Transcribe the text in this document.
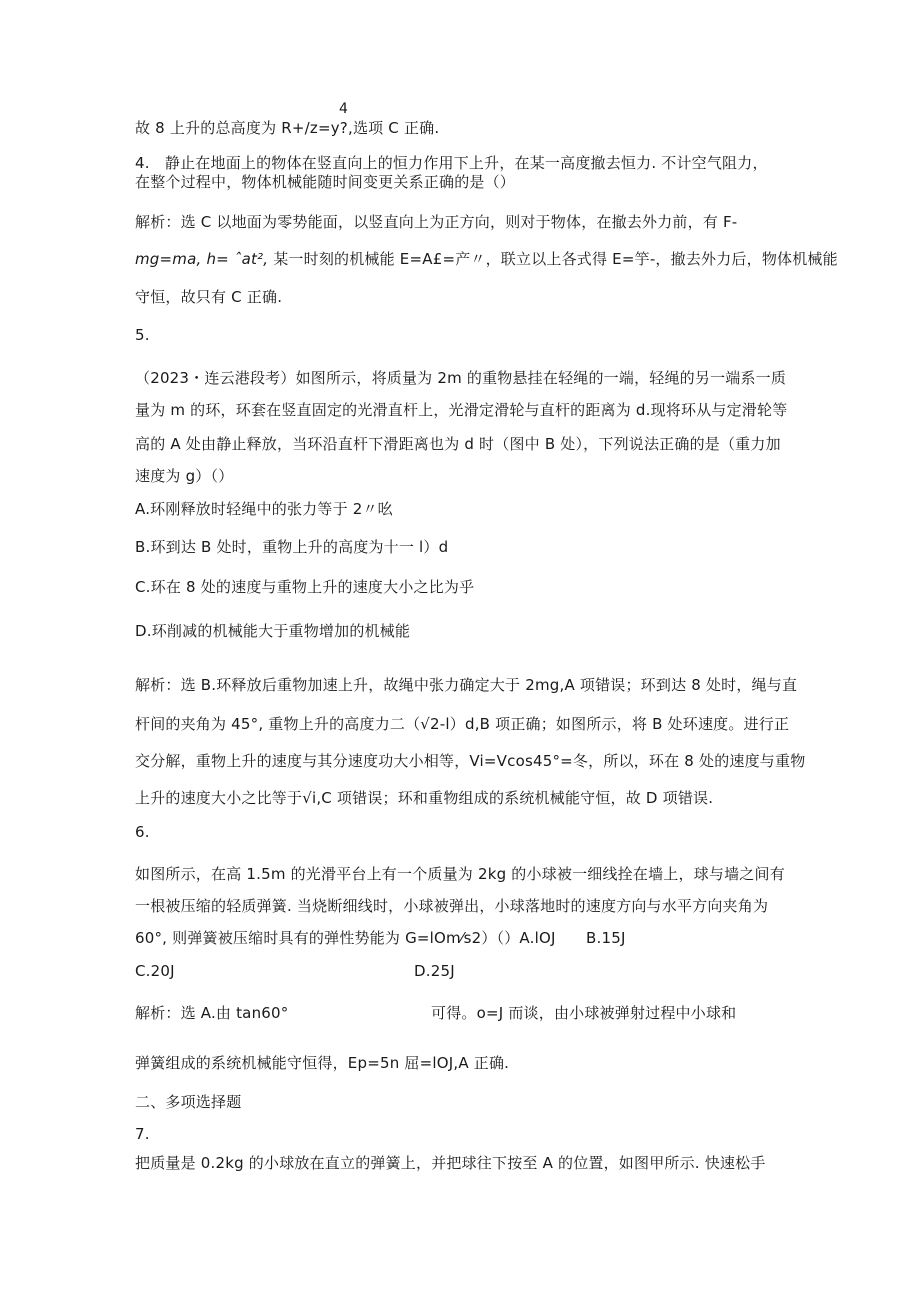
4
故 8 上升的总高度为 R+/z=y?,选项 C 正确.
4.　静止在地面上的物体在竖直向上的恒力作用下上升，在某一高度撤去恒力. 不计空气阻力，
在整个过程中，物体机械能随时间变更关系正确的是（）
解析：选 C 以地面为零势能面，以竖直向上为正方向，则对于物体，在撤去外力前，有 F-
mg=ma, h= ˆat², 某一时刻的机械能 E=A£=产〃，联立以上各式得 E=竽-，撤去外力后，物体机械能
守恒，故只有 C 正确.
5.
（2023・连云港段考）如图所示，将质量为 2m 的重物悬挂在轻绳的一端，轻绳的另一端系一质
量为 m 的环，环套在竖直固定的光滑直杆上，光滑定滑轮与直杆的距离为 d.现将环从与定滑轮等
高的 A 处由静止释放，当环沿直杆下滑距离也为 d 时（图中 B 处），下列说法正确的是（重力加
速度为 g）（）
A.环刚释放时轻绳中的张力等于 2〃吆
B.环到达 B 处时，重物上升的高度为十一 l）d
C.环在 8 处的速度与重物上升的速度大小之比为乎
D.环削减的机械能大于重物增加的机械能
解析：选 B.环释放后重物加速上升，故绳中张力确定大于 2mg,A 项错误；环到达 8 处时，绳与直
杆间的夹角为 45°, 重物上升的高度力二（√2-l）d,B 项正确；如图所示，将 B 处环速度。进行正
交分解，重物上升的速度与其分速度功大小相等，Vi=Vcos45°=冬，所以，环在 8 处的速度与重物
上升的速度大小之比等于√i,C 项错误；环和重物组成的系统机械能守恒，故 D 项错误.
6.
如图所示，在高 1.5m 的光滑平台上有一个质量为 2kg 的小球被一细线拴在墙上，球与墙之间有
一根被压缩的轻质弹簧. 当烧断细线时，小球被弹出，小球落地时的速度方向与水平方向夹角为
60°, 则弹簧被压缩时具有的弹性势能为 G=lOm⁄s2）（）A.lOJ　　B.15J
C.20J	D.25J
解析：选 A.由 tan60°	可得。o=J 而谈，由小球被弹射过程中小球和
弹簧组成的系统机械能守恒得，Ep=5n 屈=lOJ,A 正确.
二、多项选择题
7.
把质量是 0.2kg 的小球放在直立的弹簧上，并把球往下按至 A 的位置，如图甲所示. 快速松手
